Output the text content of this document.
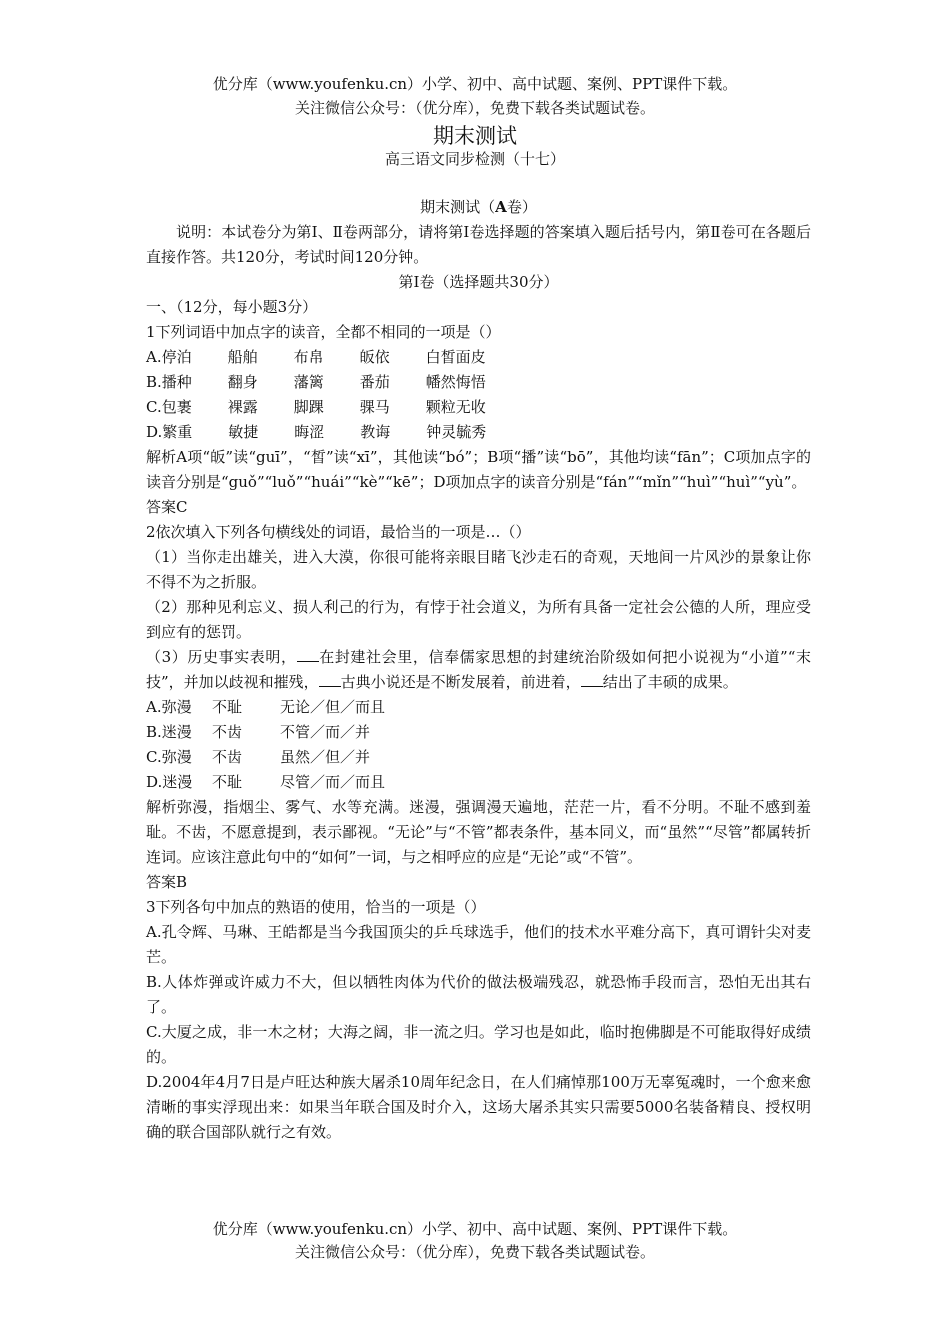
优分库（www.youfenku.cn）小学、初中、高中试题、案例、PPT课件下载。
关注微信公众号：（优分库），免费下载各类试题试卷。
期末测试
高三语文同步检测（十七）

期末测试（A卷）

说明：本试卷分为第Ⅰ、Ⅱ卷两部分，请将第Ⅰ卷选择题的答案填入题后括号内，第Ⅱ卷可在各题后直接作答。共120分，考试时间120分钟。

第Ⅰ卷（选择题共30分）

一、（12分，每小题3分）

1下列词语中加点字的读音，全都不相同的一项是（）

A.停泊 船舶 布帛 皈依 白皙面皮

B.播种 翻身 藩篱 番茄 幡然悔悟

C.包裹 裸露 脚踝 骒马 颗粒无收

D.繁重 敏捷 晦涩 教诲 钟灵毓秀

解析A项“皈”读“guī”，“皙”读“xī”，其他读“bó”；B项“播”读“bō”，其他均读“fān”；C项加点字的读音分别是“guǒ”“luǒ”“huái”“kè”“kē”；D项加点字的读音分别是“fán”“mǐn”“huì”“huì”“yù”。

答案C

2依次填入下列各句横线处的词语，最恰当的一项是…（）

（1）当你走出雄关，进入大漠，你很可能将亲眼目睹飞沙走石的奇观，天地间一片风沙的景象让你不得不为之折服。

（2）那种见利忘义、损人利己的行为，有悖于社会道义，为所有具备一定社会公德的人所，理应受到应有的惩罚。

（3）历史事实表明， 在封建社会里，信奉儒家思想的封建统治阶级如何把小说视为“小道”“末技”，并加以歧视和摧残， 古典小说还是不断发展着，前进着， 结出了丰硕的成果。

A.弥漫 不耻	无论／但／而且

B.迷漫 不齿	不管／而／并

C.弥漫 不齿	虽然／但／并

D.迷漫 不耻	尽管／而／而且

解析弥漫，指烟尘、雾气、水等充满。迷漫，强调漫天遍地，茫茫一片，看不分明。不耻不感到羞耻。不齿，不愿意提到，表示鄙视。“无论”与“不管”都表条件，基本同义，而“虽然”“尽管”都属转折连词。应该注意此句中的“如何”一词，与之相呼应的应是“无论”或“不管”。

答案B

3下列各句中加点的熟语的使用，恰当的一项是（）

A.孔令辉、马琳、王皓都是当今我国顶尖的乒乓球选手，他们的技术水平难分高下，真可谓针尖对麦芒。

B.人体炸弹或许威力不大，但以牺牲肉体为代价的做法极端残忍，就恐怖手段而言，恐怕无出其右了。

C.大厦之成，非一木之材；大海之阔，非一流之归。学习也是如此，临时抱佛脚是不可能取得好成绩的。

D.2004年4月7日是卢旺达种族大屠杀10周年纪念日，在人们痛悼那100万无辜冤魂时，一个愈来愈清晰的事实浮现出来：如果当年联合国及时介入，这场大屠杀其实只需要5000名装备精良、授权明确的联合国部队就行之有效。

优分库（www.youfenku.cn）小学、初中、高中试题、案例、PPT课件下载。
关注微信公众号：（优分库），免费下载各类试题试卷。
